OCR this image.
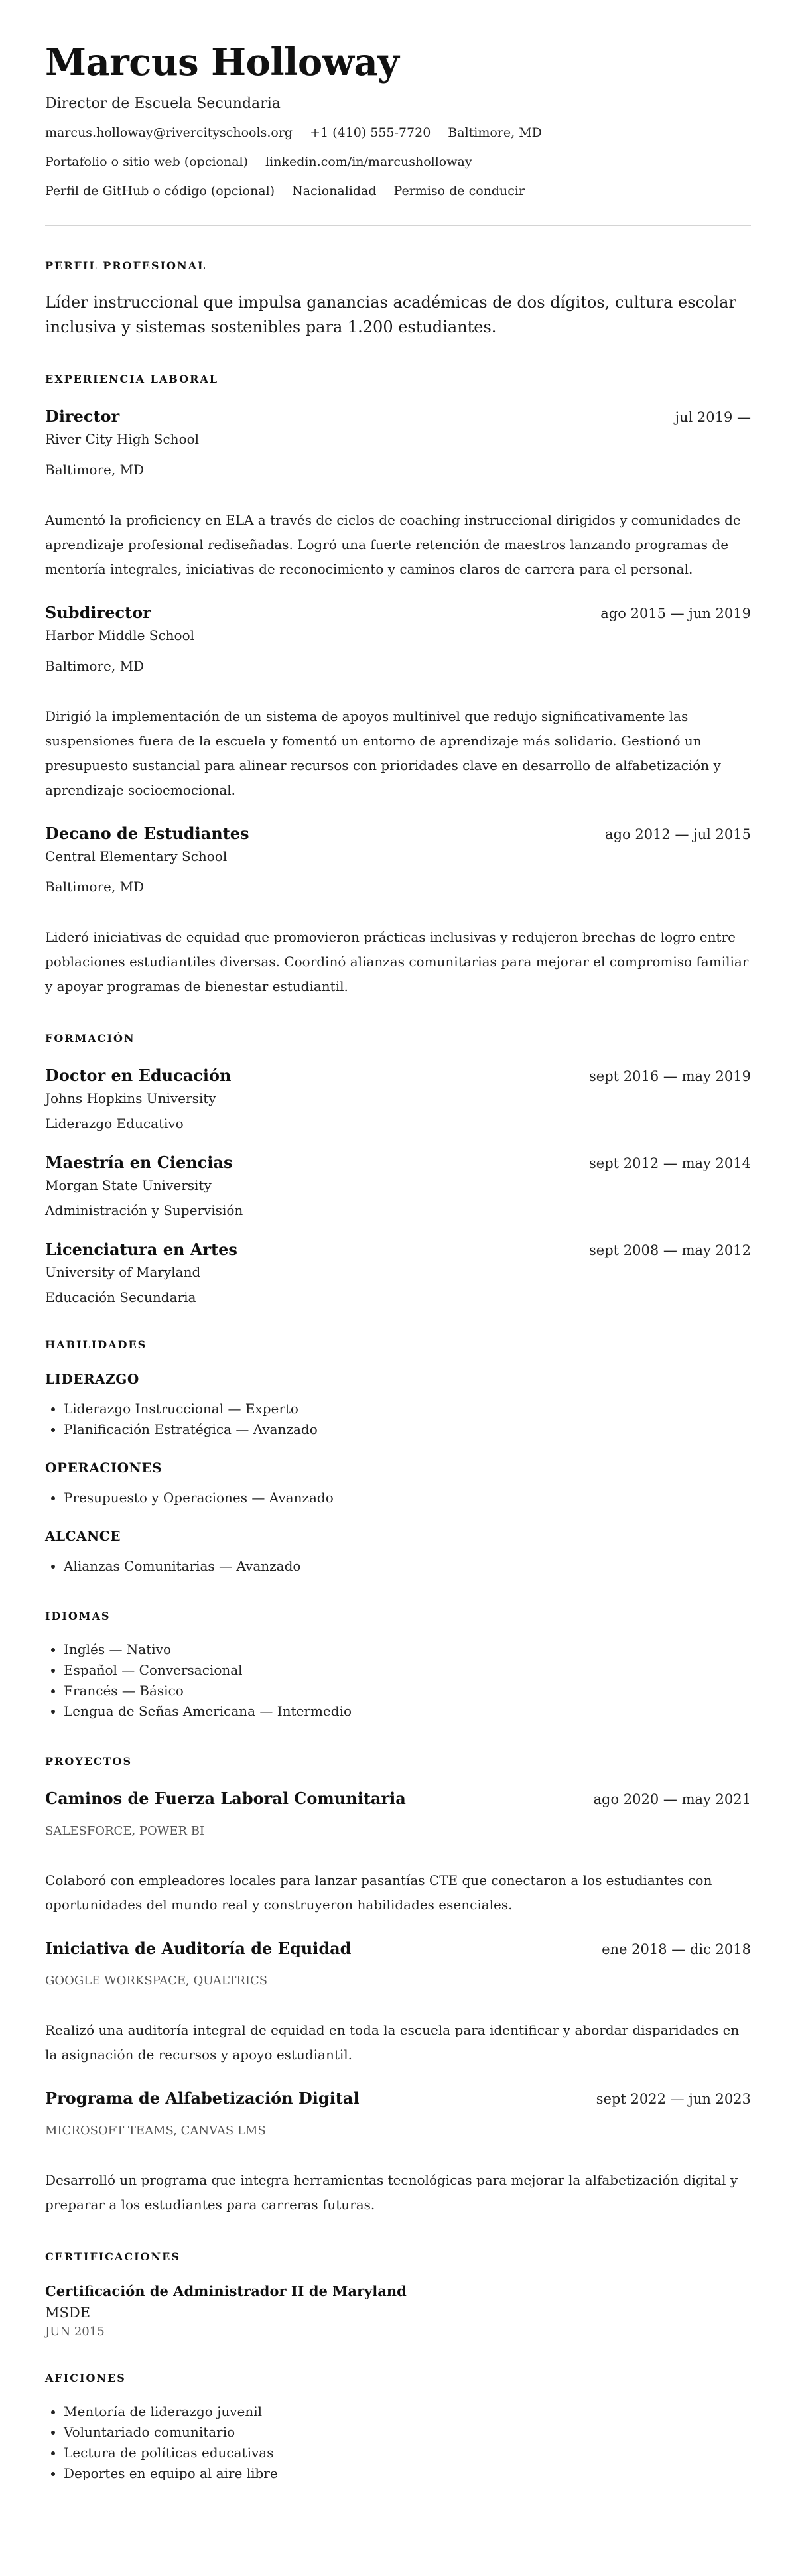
Marcus Holloway
Director de Escuela Secundaria
marcus.holloway@rivercityschools.org +1 (410) 555-7720 Baltimore, MD
Portafolio o sitio web (opcional) linkedin.com/in/marcusholloway
Perfil de GitHub o código (opcional) Nacionalidad Permiso de conducir
PERFIL PROFESIONAL
Líder instruccional que impulsa ganancias académicas de dos dígitos, cultura escolar inclusiva y sistemas sostenibles para 1.200 estudiantes.
EXPERIENCIA LABORAL
Director	jul 2019 —
River City High School
Baltimore, MD
Aumentó la proficiency en ELA a través de ciclos de coaching instruccional dirigidos y comunidades de aprendizaje profesional rediseñadas. Logró una fuerte retención de maestros lanzando programas de mentoría integrales, iniciativas de reconocimiento y caminos claros de carrera para el personal.
Subdirector	ago 2015 — jun 2019
Harbor Middle School
Baltimore, MD
Dirigió la implementación de un sistema de apoyos multinivel que redujo significativamente las suspensiones fuera de la escuela y fomentó un entorno de aprendizaje más solidario. Gestionó un presupuesto sustancial para alinear recursos con prioridades clave en desarrollo de alfabetización y aprendizaje socioemocional.
Decano de Estudiantes	ago 2012 — jul 2015
Central Elementary School
Baltimore, MD
Lideró iniciativas de equidad que promovieron prácticas inclusivas y redujeron brechas de logro entre poblaciones estudiantiles diversas. Coordinó alianzas comunitarias para mejorar el compromiso familiar y apoyar programas de bienestar estudiantil.
FORMACIÓN
Doctor en Educación	sept 2016 — may 2019
Johns Hopkins University
Liderazgo Educativo
Maestría en Ciencias	sept 2012 — may 2014
Morgan State University
Administración y Supervisión
Licenciatura en Artes	sept 2008 — may 2012
University of Maryland
Educación Secundaria
HABILIDADES
LIDERAZGO
• Liderazgo Instruccional — Experto
• Planificación Estratégica — Avanzado
OPERACIONES
• Presupuesto y Operaciones — Avanzado
ALCANCE
• Alianzas Comunitarias — Avanzado
IDIOMAS
• Inglés — Nativo
• Español — Conversacional
• Francés — Básico
• Lengua de Señas Americana — Intermedio
PROYECTOS
Caminos de Fuerza Laboral Comunitaria	ago 2020 — may 2021
SALESFORCE, POWER BI
Colaboró con empleadores locales para lanzar pasantías CTE que conectaron a los estudiantes con oportunidades del mundo real y construyeron habilidades esenciales.
Iniciativa de Auditoría de Equidad	ene 2018 — dic 2018
GOOGLE WORKSPACE, QUALTRICS
Realizó una auditoría integral de equidad en toda la escuela para identificar y abordar disparidades en la asignación de recursos y apoyo estudiantil.
Programa de Alfabetización Digital	sept 2022 — jun 2023
MICROSOFT TEAMS, CANVAS LMS
Desarrolló un programa que integra herramientas tecnológicas para mejorar la alfabetización digital y preparar a los estudiantes para carreras futuras.
CERTIFICACIONES
Certificación de Administrador II de Maryland
MSDE
JUN 2015
AFICIONES
• Mentoría de liderazgo juvenil
• Voluntariado comunitario
• Lectura de políticas educativas
• Deportes en equipo al aire libre
